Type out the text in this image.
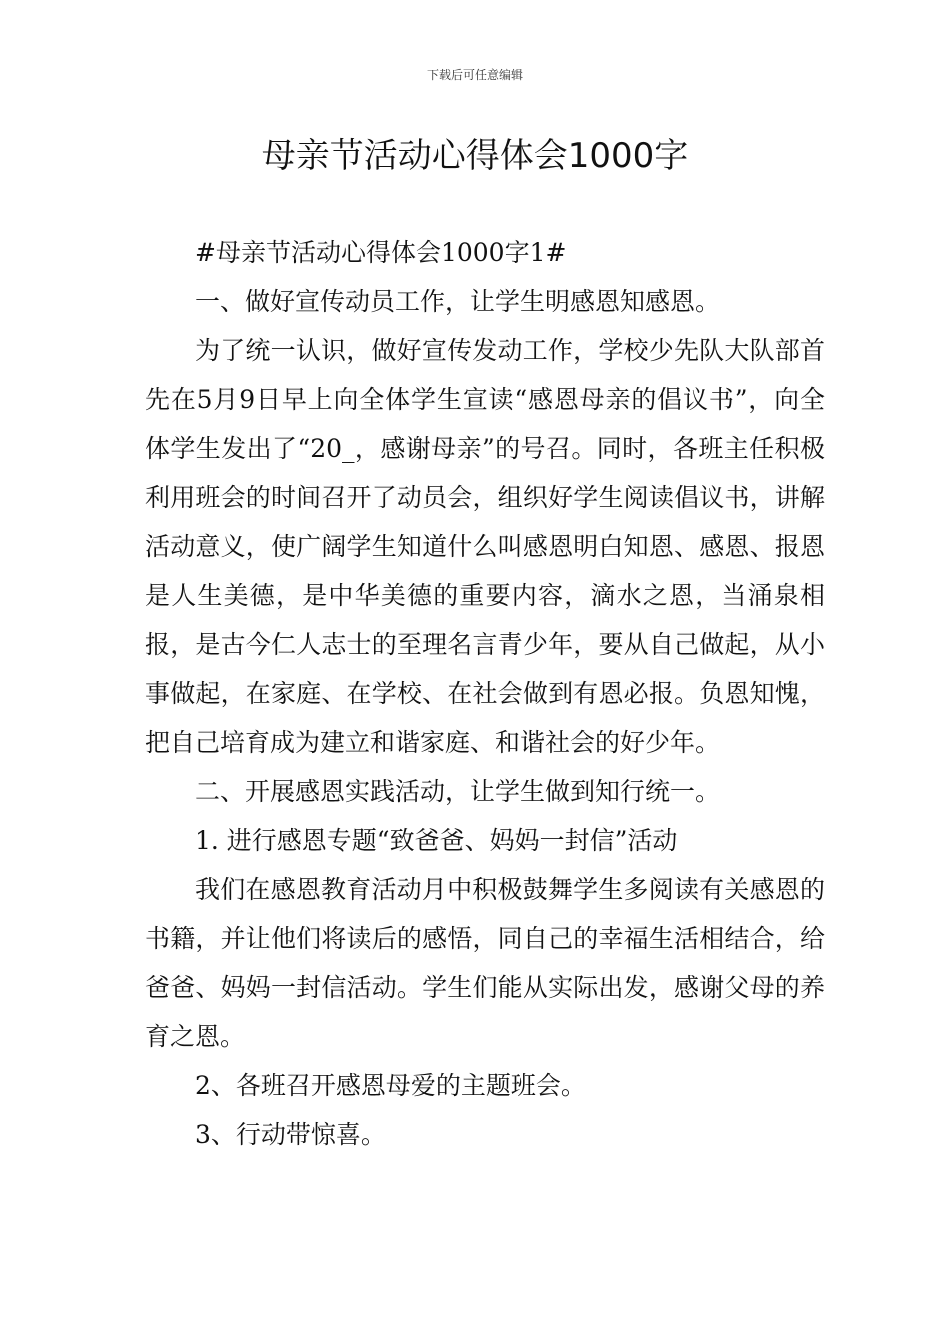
下载后可任意编辑
母亲节活动心得体会1000字

#母亲节活动心得体会1000字1#

一、做好宣传动员工作，让学生明感恩知感恩。

为了统一认识，做好宣传发动工作，学校少先队大队部首先在5月9日早上向全体学生宣读“感恩母亲的倡议书”，向全体学生发出了“20_，感谢母亲”的号召。同时，各班主任积极利用班会的时间召开了动员会，组织好学生阅读倡议书，讲解活动意义，使广阔学生知道什么叫感恩明白知恩、感恩、报恩是人生美德，是中华美德的重要内容，滴水之恩，当涌泉相报，是古今仁人志士的至理名言青少年，要从自己做起，从小事做起，在家庭、在学校、在社会做到有恩必报。负恩知愧，把自己培育成为建立和谐家庭、和谐社会的好少年。

二、开展感恩实践活动，让学生做到知行统一。

1. 进行感恩专题“致爸爸、妈妈一封信”活动

我们在感恩教育活动月中积极鼓舞学生多阅读有关感恩的书籍，并让他们将读后的感悟，同自己的幸福生活相结合，给爸爸、妈妈一封信活动。学生们能从实际出发，感谢父母的养育之恩。

2、各班召开感恩母爱的主题班会。

3、行动带惊喜。
